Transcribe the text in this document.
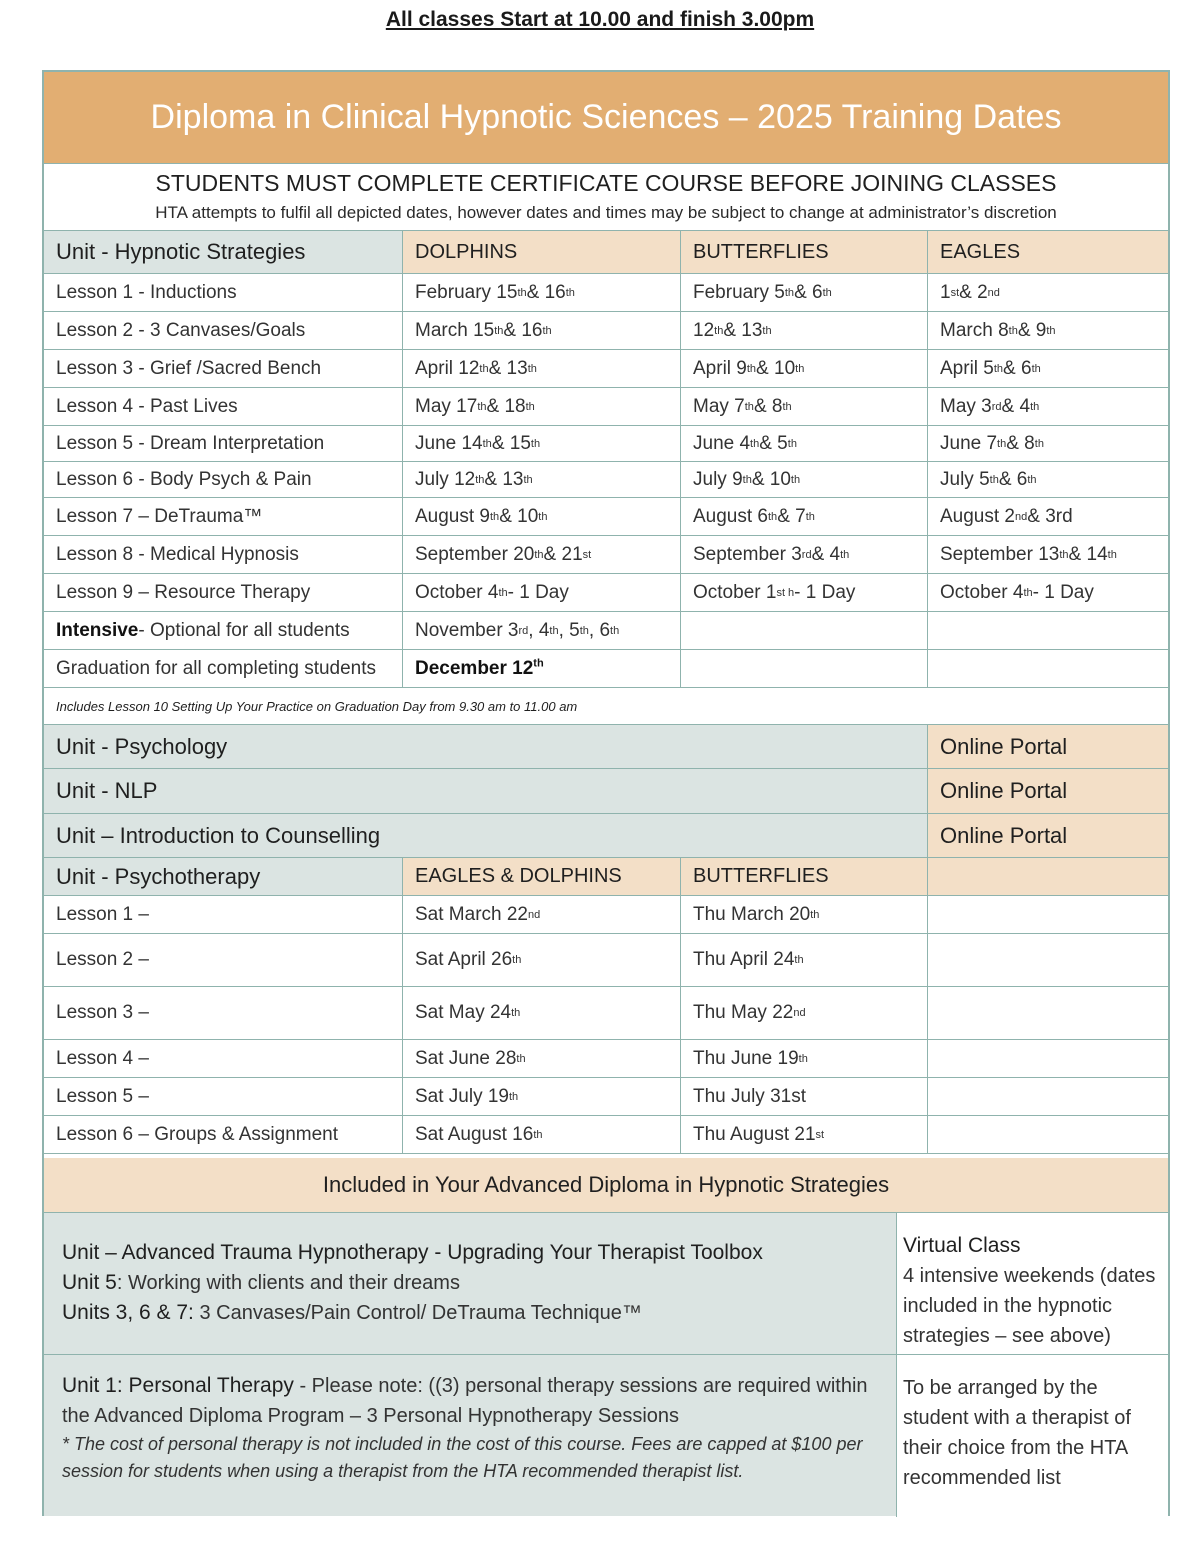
All classes Start at 10.00 and finish 3.00pm
Diploma in Clinical Hypnotic Sciences – 2025 Training Dates
STUDENTS MUST COMPLETE CERTIFICATE COURSE BEFORE JOINING CLASSES
HTA attempts to fulfil all depicted dates, however dates and times may be subject to change at administrator’s discretion
Unit - Hypnotic Strategies	DOLPHINS	BUTTERFLIES	EAGLES
Lesson 1 - Inductions	February 15 th & 16 th	February 5 th & 6 th	1 st & 2 nd
Lesson 2 - 3 Canvases/Goals	March 15 th & 16 th	12 th & 13 th	March 8 th & 9 th
Lesson 3 - Grief /Sacred Bench	April 12 th & 13 th	April 9 th & 10 th	April 5 th & 6 th
Lesson 4 - Past Lives	May 17 th & 18 th	May 7 th & 8 th	May 3 rd & 4 th
Lesson 5 - Dream Interpretation	June 14 th & 15 th	June 4 th & 5 th	June 7 th & 8 th
Lesson 6 - Body Psych & Pain	July 12 th & 13 th	July 9 th & 10 th	July 5 th & 6 th
Lesson 7 – DeTrauma™	August 9 th & 10 th	August 6 th & 7 th	August 2 nd & 3rd
Lesson 8 - Medical Hypnosis	September 20 th & 21 st	September 3 rd & 4 th	September 13 th & 14 th
Lesson 9 – Resource Therapy	October 4 th - 1 Day	October 1 st h - 1 Day	October 4 th - 1 Day
Intensive - Optional for all students	November 3 rd , 4 th , 5 th , 6 th
Graduation for all completing students	December 12th
Includes Lesson 10 Setting Up Your Practice on Graduation Day from 9.30 am to 11.00 am
Unit - Psychology	Online Portal
Unit - NLP	Online Portal
Unit – Introduction to Counselling	Online Portal
Unit - Psychotherapy	EAGLES & DOLPHINS	BUTTERFLIES
Lesson 1 –	Sat March 22 nd	Thu March 20 th
Lesson 2 –	Sat April 26 th	Thu April 24 th
Lesson 3 –	Sat May 24 th	Thu May 22 nd
Lesson 4 –	Sat June 28 th	Thu June 19 th
Lesson 5 –	Sat July 19 th	Thu July 31st
Lesson 6 – Groups & Assignment	Sat August 16 th	Thu August 21 st
Included in Your Advanced Diploma in Hypnotic Strategies
Unit – Advanced Trauma Hypnotherapy - Upgrading Your Therapist Toolbox
Unit 5: Working with clients and their dreams
Units 3, 6 & 7: 3 Canvases/Pain Control/ DeTrauma Technique™
Virtual Class
4 intensive weekends (dates included in the hypnotic strategies – see above)
Unit 1: Personal Therapy - Please note: ((3) personal therapy sessions are required within the Advanced Diploma Program – 3 Personal Hypnotherapy Sessions
* The cost of personal therapy is not included in the cost of this course. Fees are capped at $100 per session for students when using a therapist from the HTA recommended therapist list.
To be arranged by the student with a therapist of their choice from the HTA recommended list
